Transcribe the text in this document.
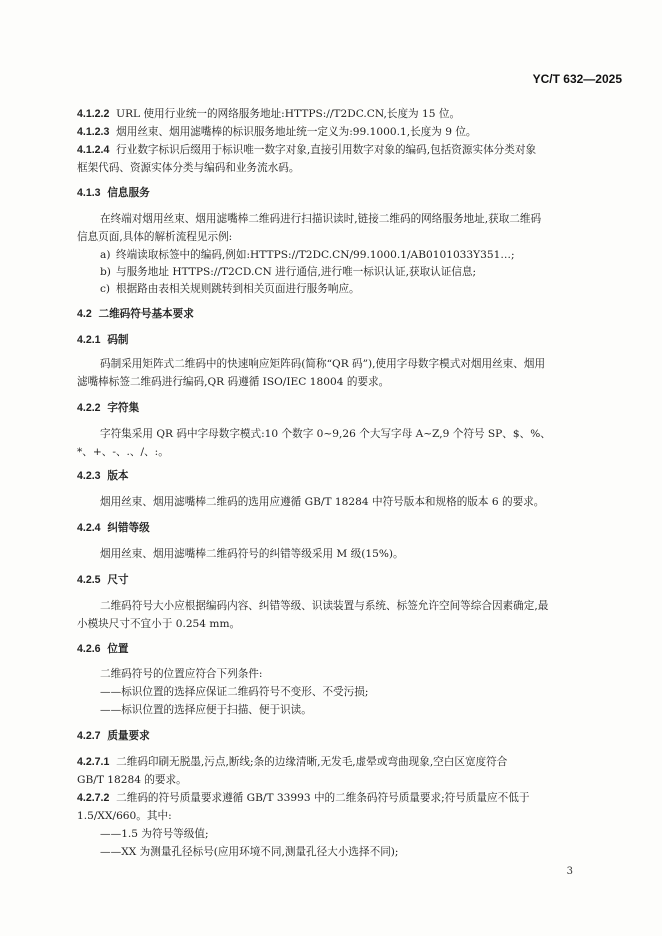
YC/T 632—2025
4.1.2.2 URL 使用行业统一的网络服务地址:HTTPS://T2DC.CN,长度为 15 位。
4.1.2.3 烟用丝束、烟用滤嘴棒的标识服务地址统一定义为:99.1000.1,长度为 9 位。
4.1.2.4 行业数字标识后缀用于标识唯一数字对象,直接引用数字对象的编码,包括资源实体分类对象
框架代码、资源实体分类与编码和业务流水码。
4.1.3 信息服务
在终端对烟用丝束、烟用滤嘴棒二维码进行扫描识读时,链接二维码的网络服务地址,获取二维码
信息页面,具体的解析流程见示例:
a) 终端读取标签中的编码,例如:HTTPS://T2DC.CN/99.1000.1/AB0101033Y351…;
b) 与服务地址 HTTPS://T2CD.CN 进行通信,进行唯一标识认证,获取认证信息;
c) 根据路由表相关规则跳转到相关页面进行服务响应。
4.2 二维码符号基本要求
4.2.1 码制
码制采用矩阵式二维码中的快速响应矩阵码(简称“QR 码”),使用字母数字模式对烟用丝束、烟用
滤嘴棒标签二维码进行编码,QR 码遵循 ISO/IEC 18004 的要求。
4.2.2 字符集
字符集采用 QR 码中字母数字模式:10 个数字 0~9,26 个大写字母 A~Z,9 个符号 SP、$、%、
*、+、-、.、/、:。
4.2.3 版本
烟用丝束、烟用滤嘴棒二维码的选用应遵循 GB/T 18284 中符号版本和规格的版本 6 的要求。
4.2.4 纠错等级
烟用丝束、烟用滤嘴棒二维码符号的纠错等级采用 M 级(15%)。
4.2.5 尺寸
二维码符号大小应根据编码内容、纠错等级、识读装置与系统、标签允许空间等综合因素确定,最
小模块尺寸不宜小于 0.254 mm。
4.2.6 位置
二维码符号的位置应符合下列条件:
——标识位置的选择应保证二维码符号不变形、不受污损;
——标识位置的选择应便于扫描、便于识读。
4.2.7 质量要求
4.2.7.1 二维码印刷无脱墨,污点,断线;条的边缘清晰,无发毛,虚晕或弯曲现象,空白区宽度符合
GB/T 18284 的要求。
4.2.7.2 二维码的符号质量要求遵循 GB/T 33993 中的二维条码符号质量要求;符号质量应不低于
1.5/XX/660。其中:
——1.5 为符号等级值;
——XX 为测量孔径标号(应用环境不同,测量孔径大小选择不同);
3
